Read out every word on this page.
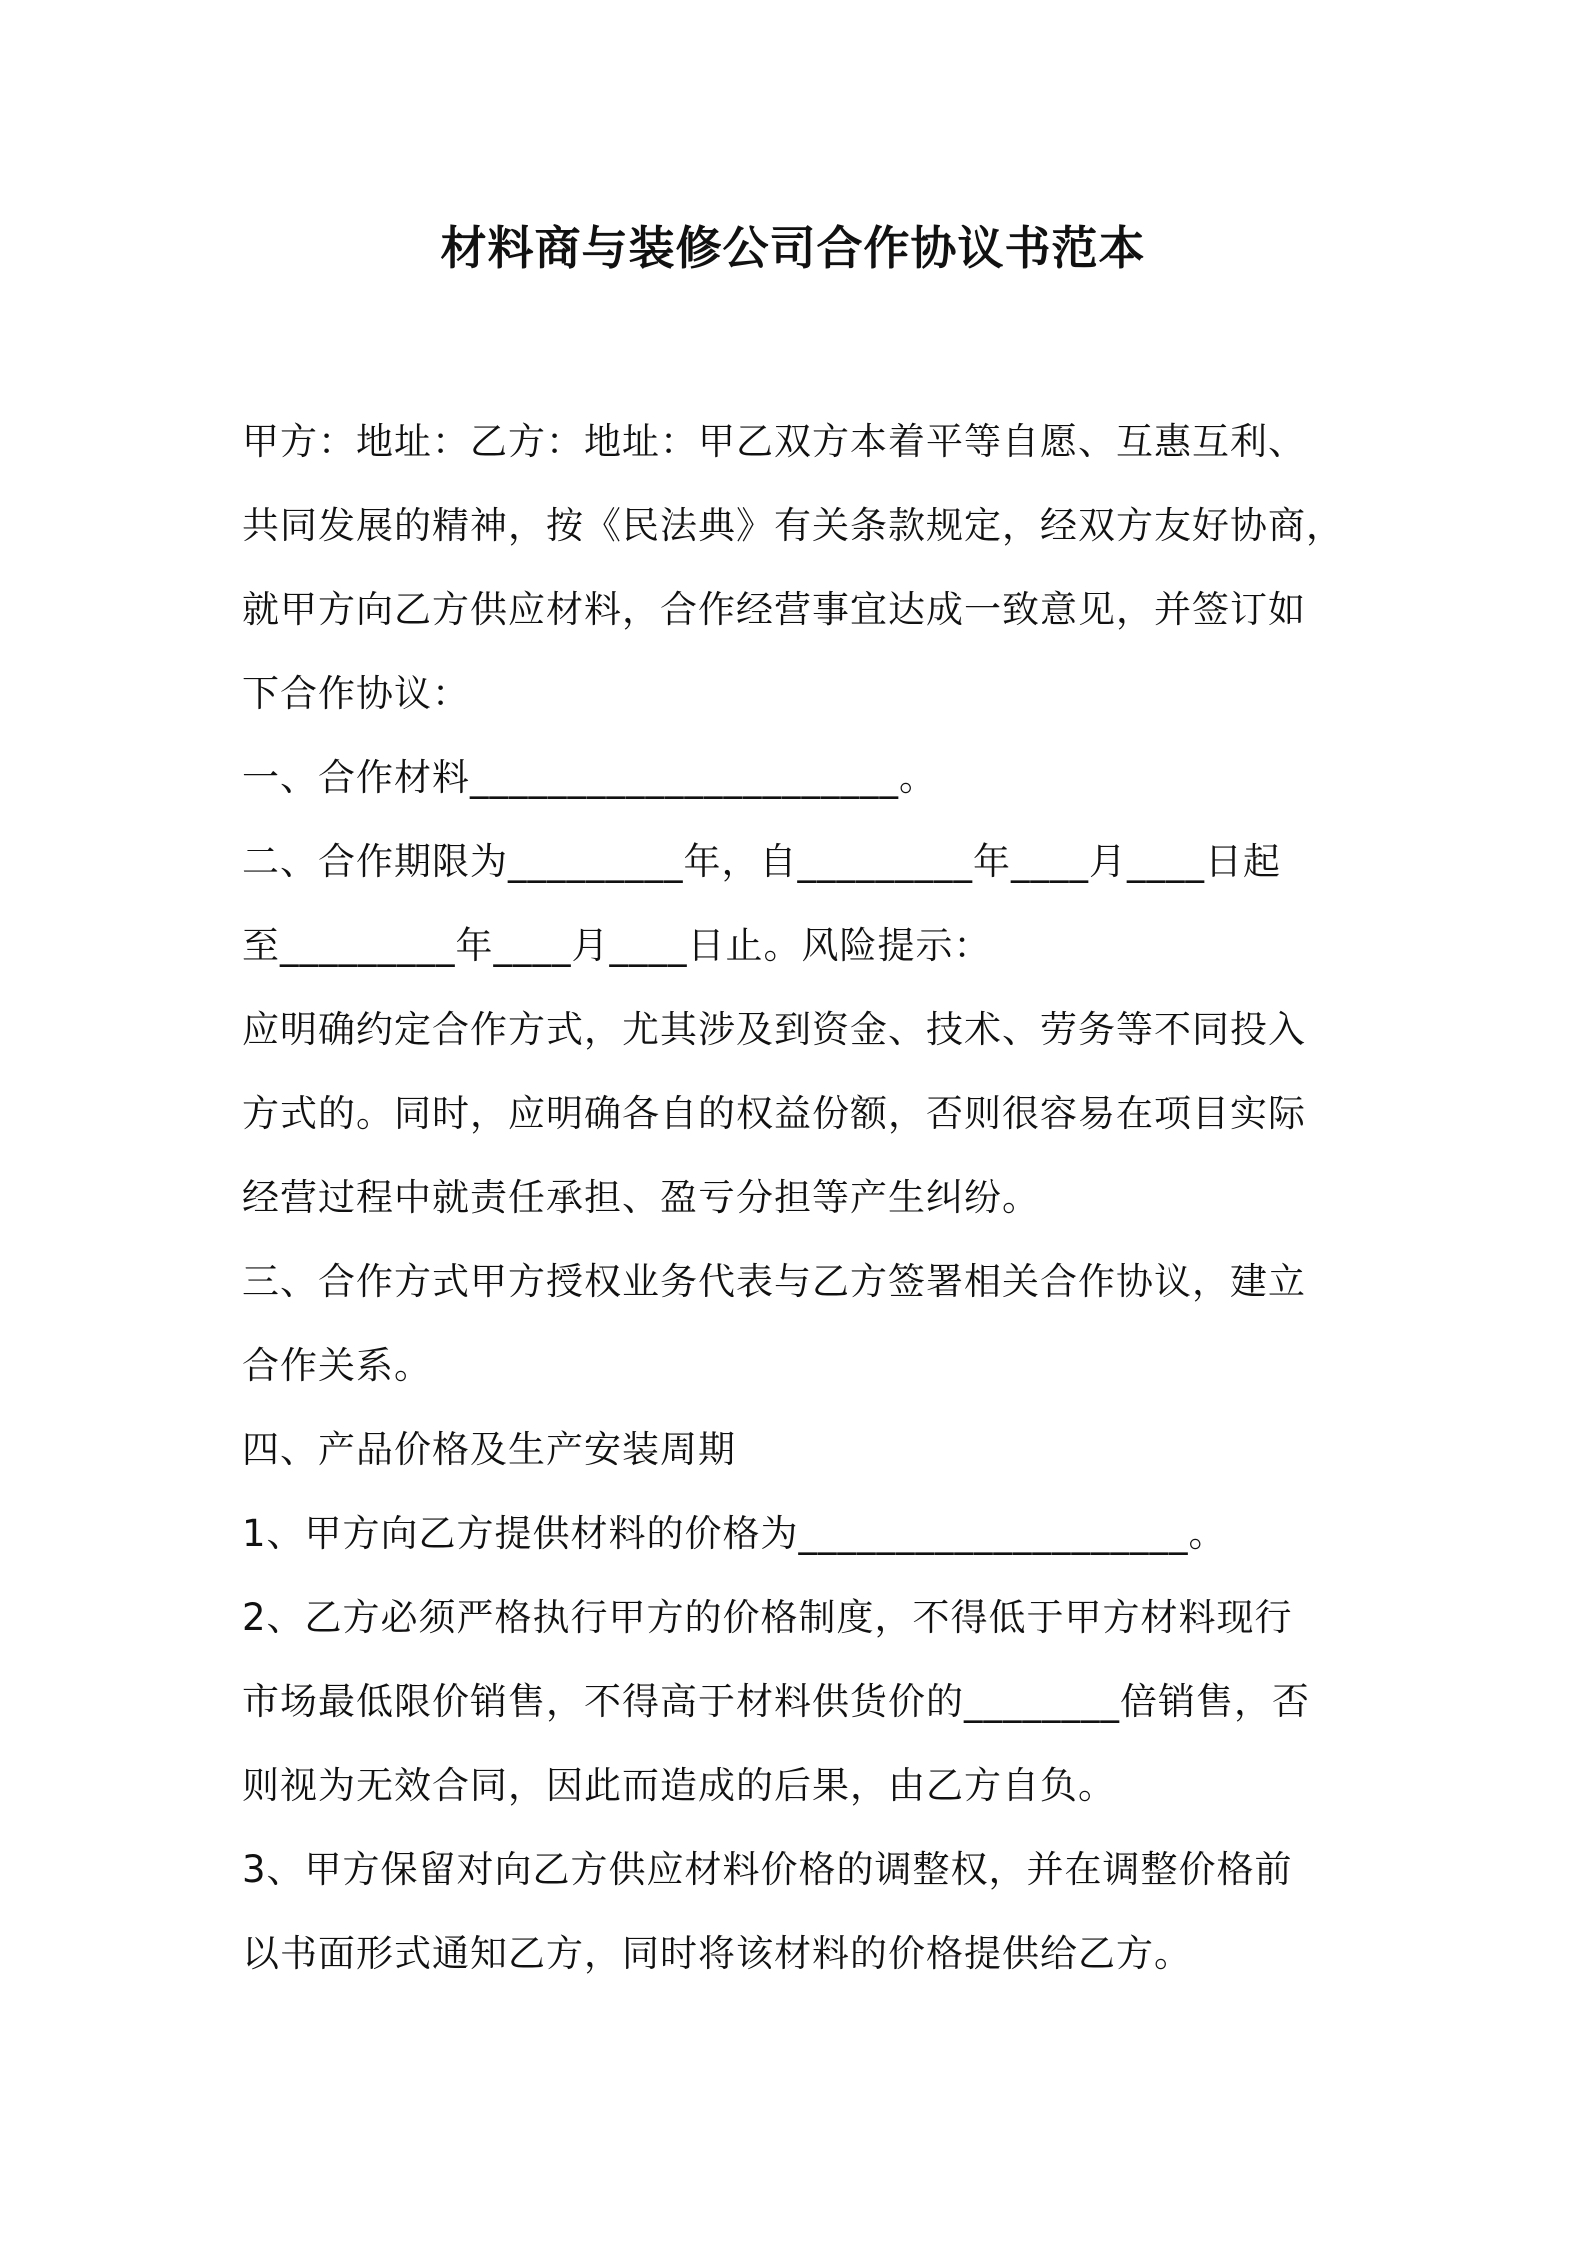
材料商与装修公司合作协议书范本
甲方：地址：乙方：地址：甲乙双方本着平等自愿、互惠互利、
共同发展的精神，按《民法典》有关条款规定，经双方友好协商，
就甲方向乙方供应材料，合作经营事宜达成一致意见，并签订如
下合作协议：
一、合作材料______________________。
二、合作期限为_________年，自_________年____月____日起
至_________年____月____日止。风险提示：
应明确约定合作方式，尤其涉及到资金、技术、劳务等不同投入
方式的。同时，应明确各自的权益份额，否则很容易在项目实际
经营过程中就责任承担、盈亏分担等产生纠纷。
三、合作方式甲方授权业务代表与乙方签署相关合作协议，建立
合作关系。
四、产品价格及生产安装周期
1、甲方向乙方提供材料的价格为____________________。
2、乙方必须严格执行甲方的价格制度，不得低于甲方材料现行
市场最低限价销售，不得高于材料供货价的________倍销售，否
则视为无效合同，因此而造成的后果，由乙方自负。
3、甲方保留对向乙方供应材料价格的调整权，并在调整价格前
以书面形式通知乙方，同时将该材料的价格提供给乙方。
